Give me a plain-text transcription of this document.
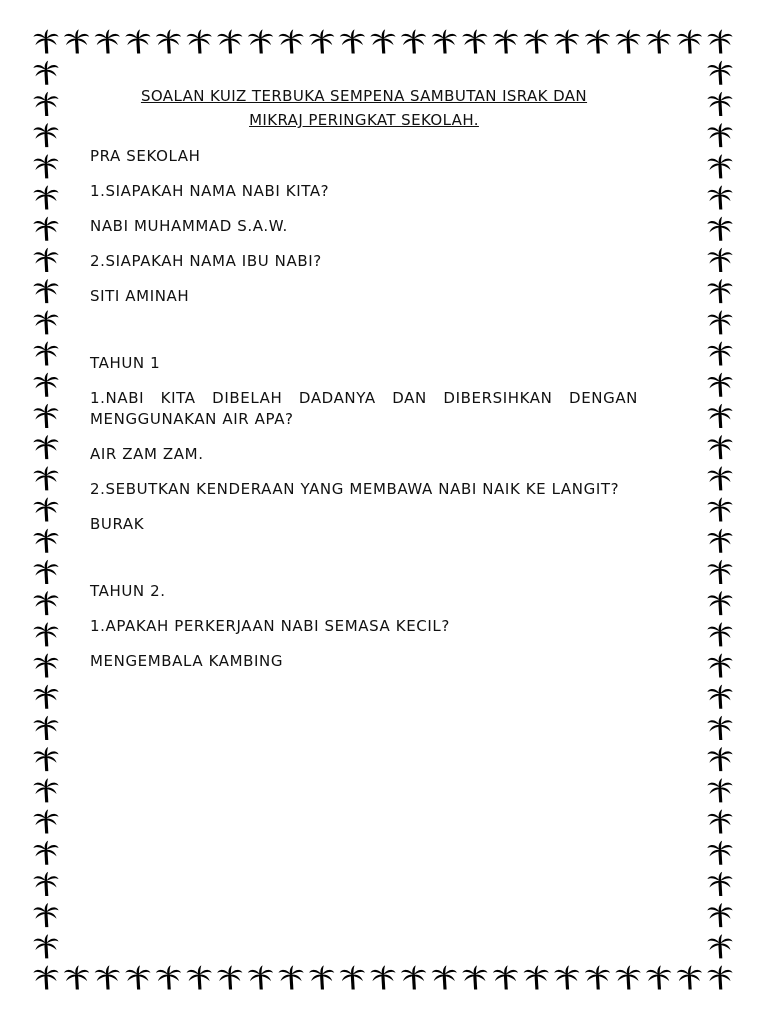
SOALAN KUIZ TERBUKA SEMPENA SAMBUTAN ISRAK DAN
MIKRAJ PERINGKAT SEKOLAH.
PRA SEKOLAH
1.SIAPAKAH NAMA NABI KITA?
NABI MUHAMMAD S.A.W.
2.SIAPAKAH NAMA IBU NABI?
SITI AMINAH
TAHUN 1
1.NABI KITA DIBELAH DADANYA DAN DIBERSIHKAN DENGAN MENGGUNAKAN AIR APA?
AIR ZAM ZAM.
2.SEBUTKAN KENDERAAN YANG MEMBAWA NABI NAIK KE LANGIT?
BURAK
TAHUN 2.
1.APAKAH PERKERJAAN NABI SEMASA KECIL?
MENGEMBALA KAMBING
